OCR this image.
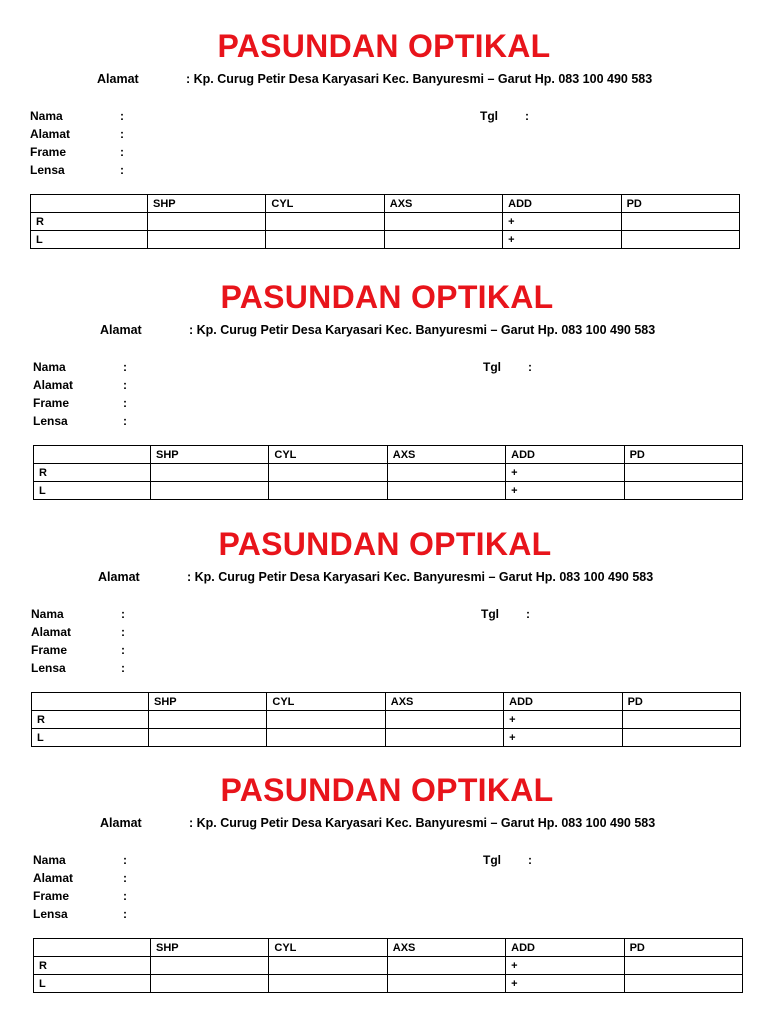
PASUNDAN OPTIKAL
Alamat	: Kp. Curug Petir Desa Karyasari Kec. Banyuresmi – Garut Hp. 083 100 490 583
Nama	:
Alamat	:
Frame	:
Lensa	:
Tgl :
	SHP	CYL	AXS	ADD	PD
R				+	
L				+	
PASUNDAN OPTIKAL
Alamat	: Kp. Curug Petir Desa Karyasari Kec. Banyuresmi – Garut Hp. 083 100 490 583
Nama	:
Alamat	:
Frame	:
Lensa	:
Tgl :
	SHP	CYL	AXS	ADD	PD
R				+	
L				+	
PASUNDAN OPTIKAL
Alamat	: Kp. Curug Petir Desa Karyasari Kec. Banyuresmi – Garut Hp. 083 100 490 583
Nama	:
Alamat	:
Frame	:
Lensa	:
Tgl :
	SHP	CYL	AXS	ADD	PD
R				+	
L				+	
PASUNDAN OPTIKAL
Alamat	: Kp. Curug Petir Desa Karyasari Kec. Banyuresmi – Garut Hp. 083 100 490 583
Nama	:
Alamat	:
Frame	:
Lensa	:
Tgl :
	SHP	CYL	AXS	ADD	PD
R				+	
L				+	
